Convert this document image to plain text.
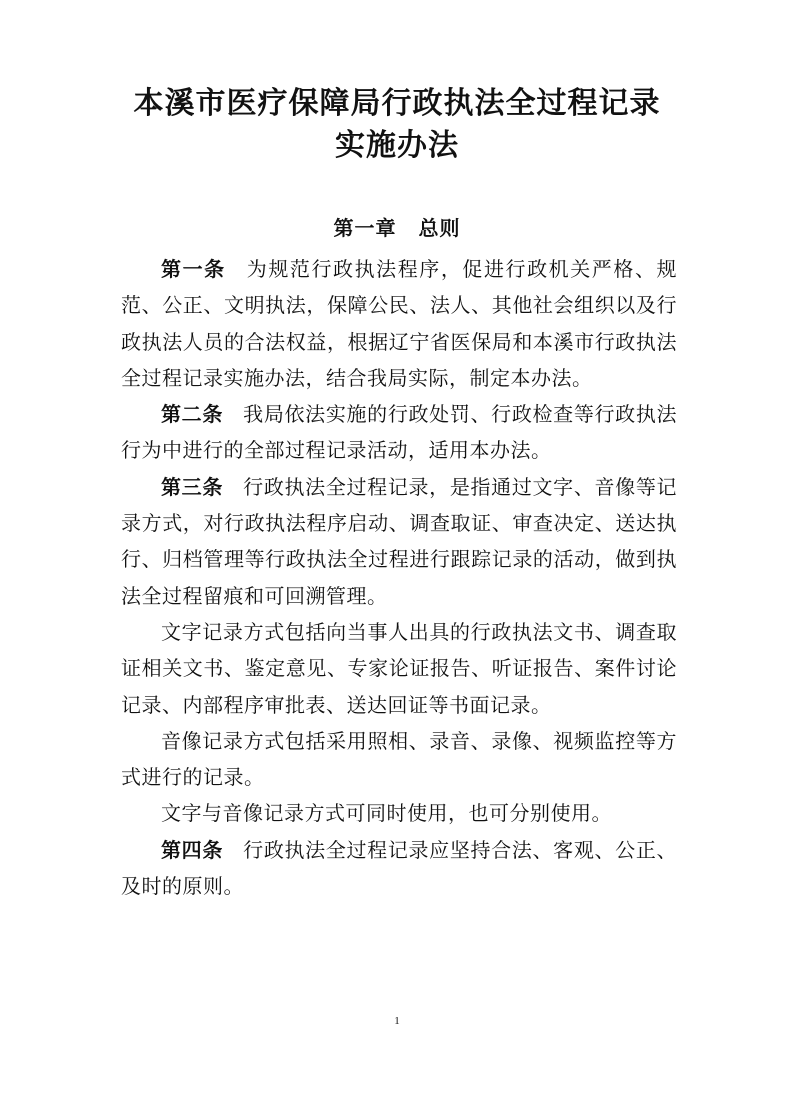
本溪市医疗保障局行政执法全过程记录
实施办法
第一章 总则

第一条 为规范行政执法程序，促进行政机关严格、规范、公正、文明执法，保障公民、法人、其他社会组织以及行政执法人员的合法权益，根据辽宁省医保局和本溪市行政执法全过程记录实施办法，结合我局实际，制定本办法。

第二条 我局依法实施的行政处罚、行政检查等行政执法行为中进行的全部过程记录活动，适用本办法。

第三条 行政执法全过程记录，是指通过文字、音像等记录方式，对行政执法程序启动、调查取证、审查决定、送达执行、归档管理等行政执法全过程进行跟踪记录的活动，做到执法全过程留痕和可回溯管理。

文字记录方式包括向当事人出具的行政执法文书、调查取证相关文书、鉴定意见、专家论证报告、听证报告、案件讨论记录、内部程序审批表、送达回证等书面记录。

音像记录方式包括采用照相、录音、录像、视频监控等方式进行的记录。

文字与音像记录方式可同时使用，也可分别使用。

第四条 行政执法全过程记录应坚持合法、客观、公正、及时的原则。

1
